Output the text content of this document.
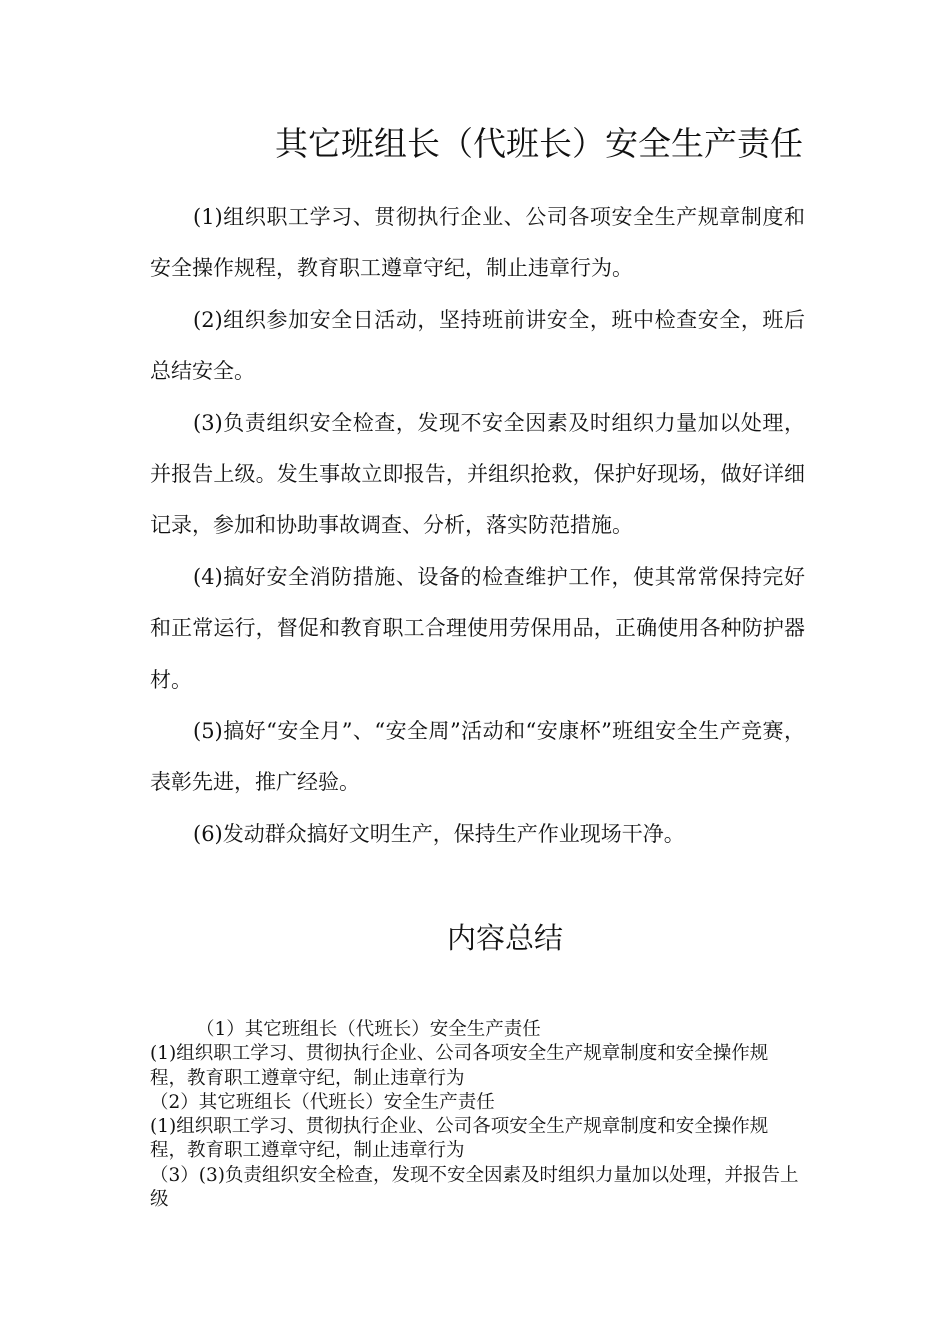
其它班组长（代班长）安全生产责任

(1)组织职工学习、贯彻执行企业、公司各项安全生产规章制度和安全操作规程，教育职工遵章守纪，制止违章行为。

(2)组织参加安全日活动，坚持班前讲安全，班中检查安全，班后总结安全。

(3)负责组织安全检查，发现不安全因素及时组织力量加以处理，并报告上级。发生事故立即报告，并组织抢救，保护好现场，做好详细记录，参加和协助事故调查、分析，落实防范措施。

(4)搞好安全消防措施、设备的检查维护工作，使其常常保持完好和正常运行，督促和教育职工合理使用劳保用品，正确使用各种防护器材。

(5)搞好“安全月”、“安全周”活动和“安康杯”班组安全生产竞赛，表彰先进，推广经验。

(6)发动群众搞好文明生产，保持生产作业现场干净。

内容总结
（1）其它班组长（代班长）安全生产责任
(1)组织职工学习、贯彻执行企业、公司各项安全生产规章制度和安全操作规程，教育职工遵章守纪，制止违章行为
（2）其它班组长（代班长）安全生产责任
(1)组织职工学习、贯彻执行企业、公司各项安全生产规章制度和安全操作规程，教育职工遵章守纪，制止违章行为
（3）(3)负责组织安全检查，发现不安全因素及时组织力量加以处理，并报告上级
